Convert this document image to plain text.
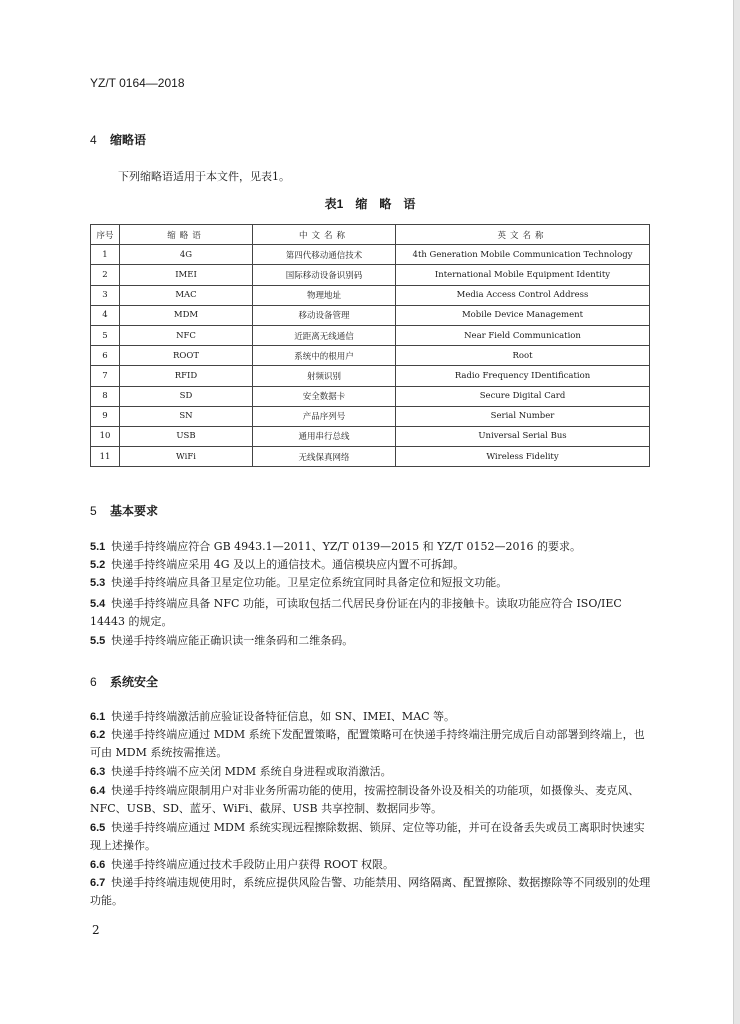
YZ/T 0164—2018
4 缩略语
下列缩略语适用于本文件，见表1。
表1　缩　略　语
序号	缩略语	中文名称	英文名称
1	4G	第四代移动通信技术	4th Generation Mobile Communication Technology
2	IMEI	国际移动设备识别码	International Mobile Equipment Identity
3	MAC	物理地址	Media Access Control Address
4	MDM	移动设备管理	Mobile Device Management
5	NFC	近距离无线通信	Near Field Communication
6	ROOT	系统中的根用户	Root
7	RFID	射频识别	Radio Frequency IDentification
8	SD	安全数据卡	Secure Digital Card
9	SN	产品序列号	Serial Number
10	USB	通用串行总线	Universal Serial Bus
11	WiFi	无线保真网络	Wireless Fidelity
5 基本要求
5.1 快递手持终端应符合 GB 4943.1—2011、YZ/T 0139—2015 和 YZ/T 0152—2016 的要求。
5.2 快递手持终端应采用 4G 及以上的通信技术。通信模块应内置不可拆卸。
5.3 快递手持终端应具备卫星定位功能。卫星定位系统宜同时具备定位和短报文功能。
5.4 快递手持终端应具备 NFC 功能，可读取包括二代居民身份证在内的非接触卡。读取功能应符合 ISO/IEC 14443 的规定。
5.5 快递手持终端应能正确识读一维条码和二维条码。
6 系统安全
6.1 快递手持终端激活前应验证设备特征信息，如 SN、IMEI、MAC 等。
6.2 快递手持终端应通过 MDM 系统下发配置策略，配置策略可在快递手持终端注册完成后自动部署到终端上，也可由 MDM 系统按需推送。
6.3 快递手持终端不应关闭 MDM 系统自身进程或取消激活。
6.4 快递手持终端应限制用户对非业务所需功能的使用，按需控制设备外设及相关的功能项，如摄像头、麦克风、NFC、USB、SD、蓝牙、WiFi、截屏、USB 共享控制、数据同步等。
6.5 快递手持终端应通过 MDM 系统实现远程擦除数据、锁屏、定位等功能，并可在设备丢失或员工离职时快速实现上述操作。
6.6 快递手持终端应通过技术手段防止用户获得 ROOT 权限。
6.7 快递手持终端违规使用时，系统应提供风险告警、功能禁用、网络隔离、配置擦除、数据擦除等不同级别的处理功能。
2
